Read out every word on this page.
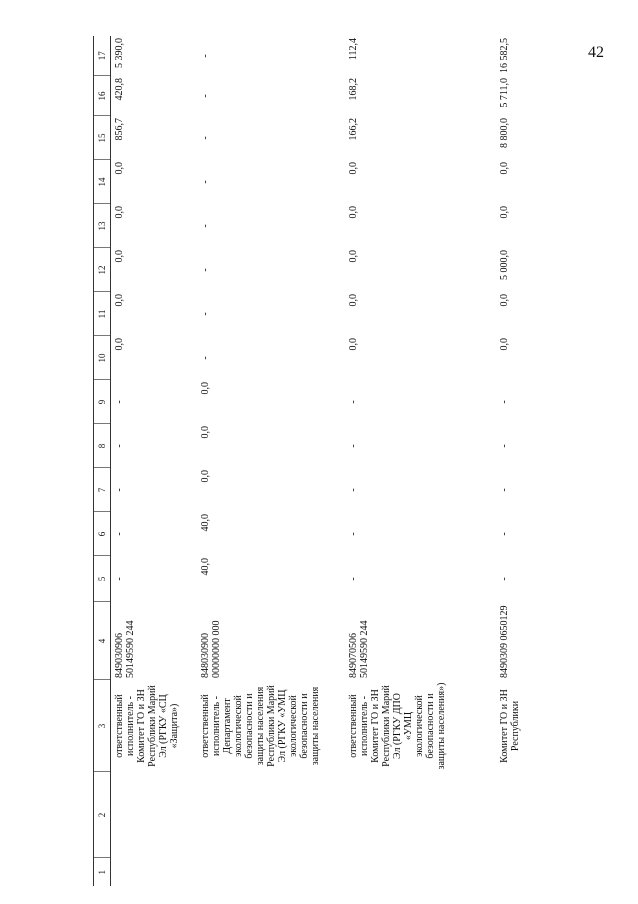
42
1	2	3	4	5	6	7	8	9	10	11	12	13	14	15	16	17
		ответственный исполнитель - Комитет ГО и ЗН Республики Марий Эл (РГКУ «СЦ «Защита»)	849030906 50149590 244	-	-	-	-	-	0,0	0,0	0,0	0,0	0,0	856,7	420,8	5 390,0
		ответственный исполнитель - Департамент экологической безопасности и защиты населения Республики Марий Эл (РГКУ «УМЦ экологической безопасности и защиты населения	848030900 00000000 000	40,0	40,0	0,0	0,0	0,0	-	-	-	-	-	-	-	-
		ответственный исполнитель - Комитет ГО и ЗН Республики Марий Эл (РГКУ ДПО «УМЦ экологической безопасности и защиты населения»)	849070506 50149590 244	-	-	-	-	-	0,0	0,0	0,0	0,0	0,0	166,2	168,2	112,4
		Комитет ГО и ЗН Республики	8490309 0650129	-	-	-	-	-	0,0	0,0	5 000,0	0,0	0,0	8 800,0	5 711,0	16 582,5
